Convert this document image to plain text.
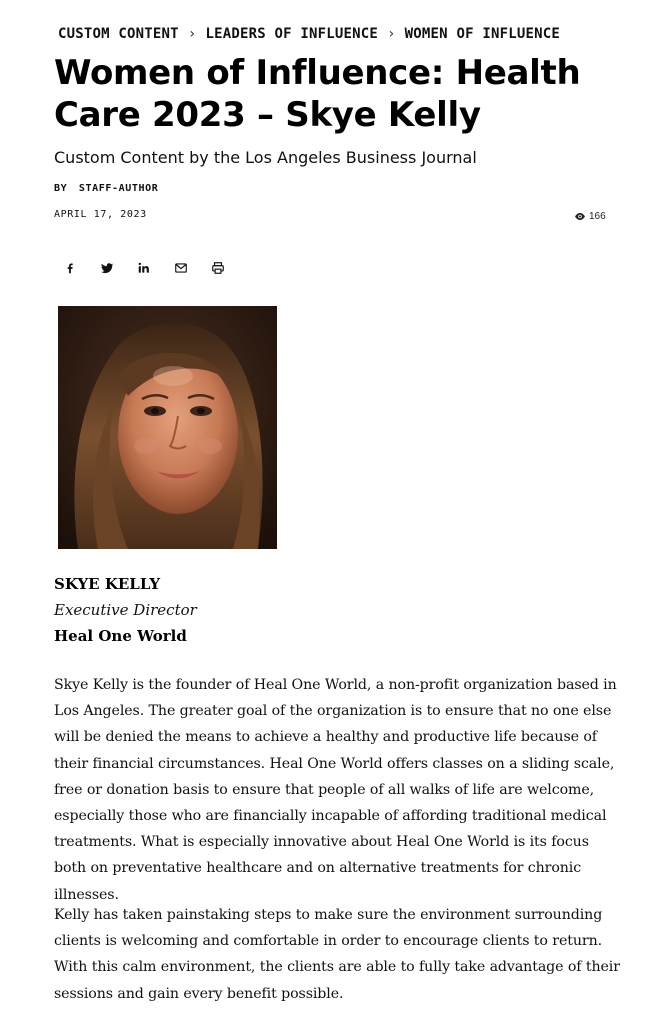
CUSTOM CONTENT › LEADERS OF INFLUENCE › WOMEN OF INFLUENCE
Women of Influence: Health Care 2023 – Skye Kelly

Custom Content by the Los Angeles Business Journal

BY STAFF-AUTHOR
APRIL 17, 2023	166

SKYE KELLY

Executive Director

Heal One World

Skye Kelly is the founder of Heal One World, a non-profit organization based in Los Angeles. The greater goal of the organization is to ensure that no one else will be denied the means to achieve a healthy and productive life because of their financial circumstances. Heal One World offers classes on a sliding scale, free or donation basis to ensure that people of all walks of life are welcome, especially those who are financially incapable of affording traditional medical treatments. What is especially innovative about Heal One World is its focus both on preventative healthcare and on alternative treatments for chronic illnesses.

Kelly has taken painstaking steps to make sure the environment surrounding clients is welcoming and comfortable in order to encourage clients to return. With this calm environment, the clients are able to fully take advantage of their sessions and gain every benefit possible.
